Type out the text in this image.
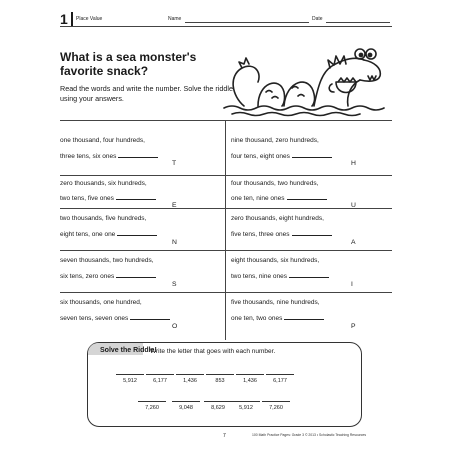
1 Place Value	Name	Date
What is a sea monster's favorite snack?
Read the words and write the number. Solve the riddle using your answers.
one thousand, four hundreds,
three tens, six ones
T
nine thousand, zero hundreds,
four tens, eight ones
H
zero thousands, six hundreds,
two tens, five ones
E
four thousands, two hundreds,
one ten, nine ones
U
two thousands, five hundreds,
eight tens, one one
N
zero thousands, eight hundreds,
five tens, three ones
A
seven thousands, two hundreds,
six tens, zero ones
S
eight thousands, six hundreds,
two tens, nine ones
I
six thousands, one hundred,
seven tens, seven ones
O
five thousands, nine hundreds,
one ten, two ones
P
Solve the Riddle!
Write the letter that goes with each number.
5,912	6,177	1,436	853	1,436	6,177
7,260	9,048	8,629	5,912	7,260
7	100 Math Practice Pages: Grade 3 © 2013 • Scholastic Teaching Resources
